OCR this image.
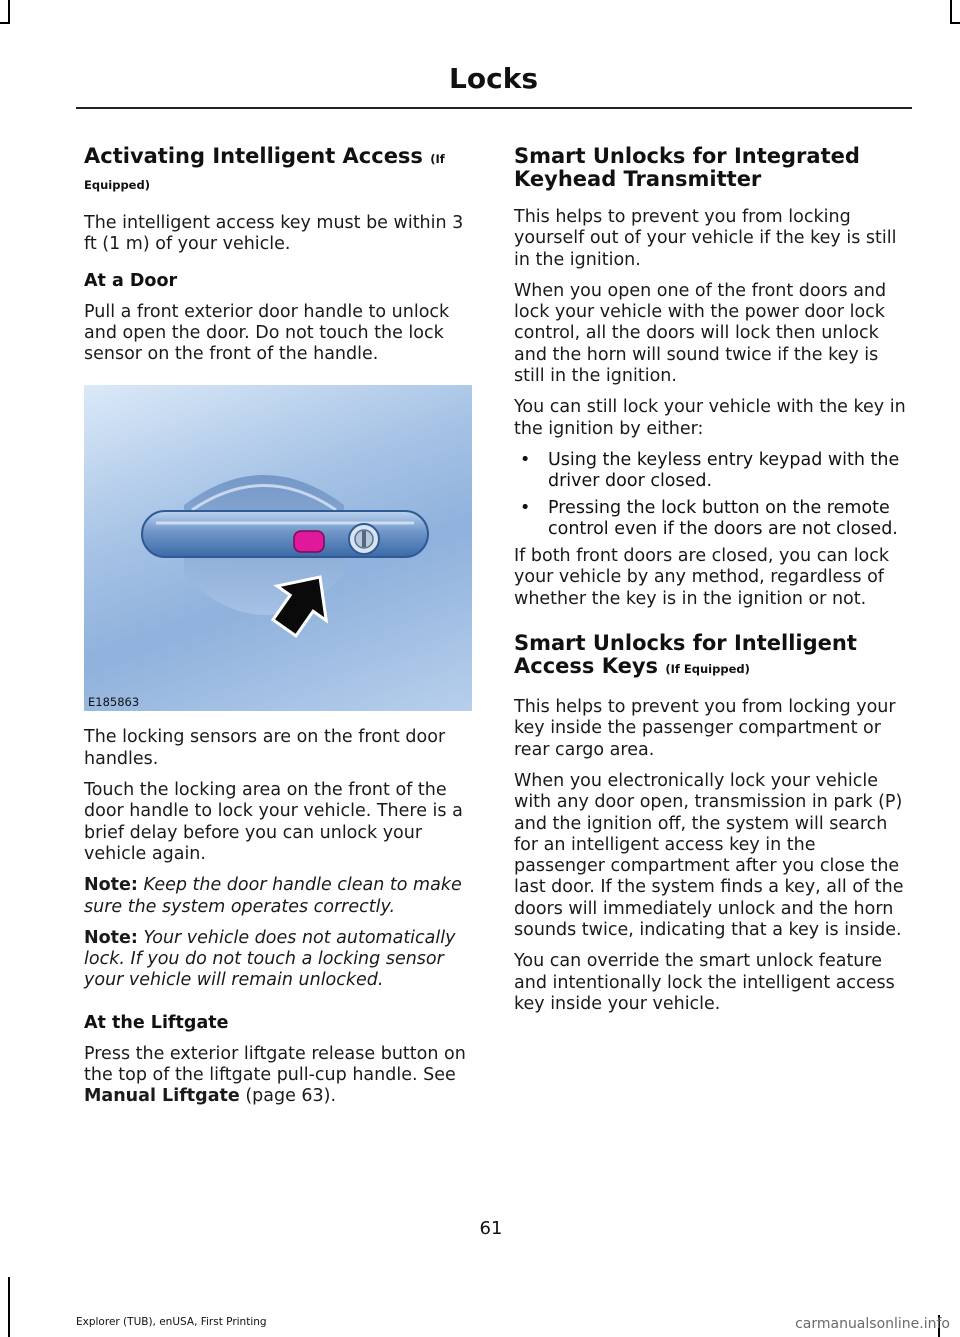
Locks
Activating Intelligent Access (If
Equipped)

The intelligent access key must be within 3 ft (1 m) of your vehicle.

At a Door

Pull a front exterior door handle to unlock and open the door. Do not touch the lock sensor on the front of the handle.

E185863

The locking sensors are on the front door handles.

Touch the locking area on the front of the door handle to lock your vehicle. There is a brief delay before you can unlock your vehicle again.

Note: Keep the door handle clean to make sure the system operates correctly.

Note: Your vehicle does not automatically lock. If you do not touch a locking sensor your vehicle will remain unlocked.

At the Liftgate

Press the exterior liftgate release button on the top of the liftgate pull-cup handle. See Manual Liftgate (page 63).

Smart Unlocks for Integrated Keyhead Transmitter

This helps to prevent you from locking yourself out of your vehicle if the key is still in the ignition.

When you open one of the front doors and lock your vehicle with the power door lock control, all the doors will lock then unlock and the horn will sound twice if the key is still in the ignition.

You can still lock your vehicle with the key in the ignition by either:

• Using the keyless entry keypad with the driver door closed.
• Pressing the lock button on the remote control even if the doors are not closed.

If both front doors are closed, you can lock your vehicle by any method, regardless of whether the key is in the ignition or not.

Smart Unlocks for Intelligent Access Keys (If Equipped)

This helps to prevent you from locking your key inside the passenger compartment or rear cargo area.

When you electronically lock your vehicle with any door open, transmission in park (P) and the ignition off, the system will search for an intelligent access key in the passenger compartment after you close the last door. If the system finds a key, all of the doors will immediately unlock and the horn sounds twice, indicating that a key is inside.

You can override the smart unlock feature and intentionally lock the intelligent access key inside your vehicle.

61
Explorer (TUB), enUSA, First Printing	carmanualsonline.info
